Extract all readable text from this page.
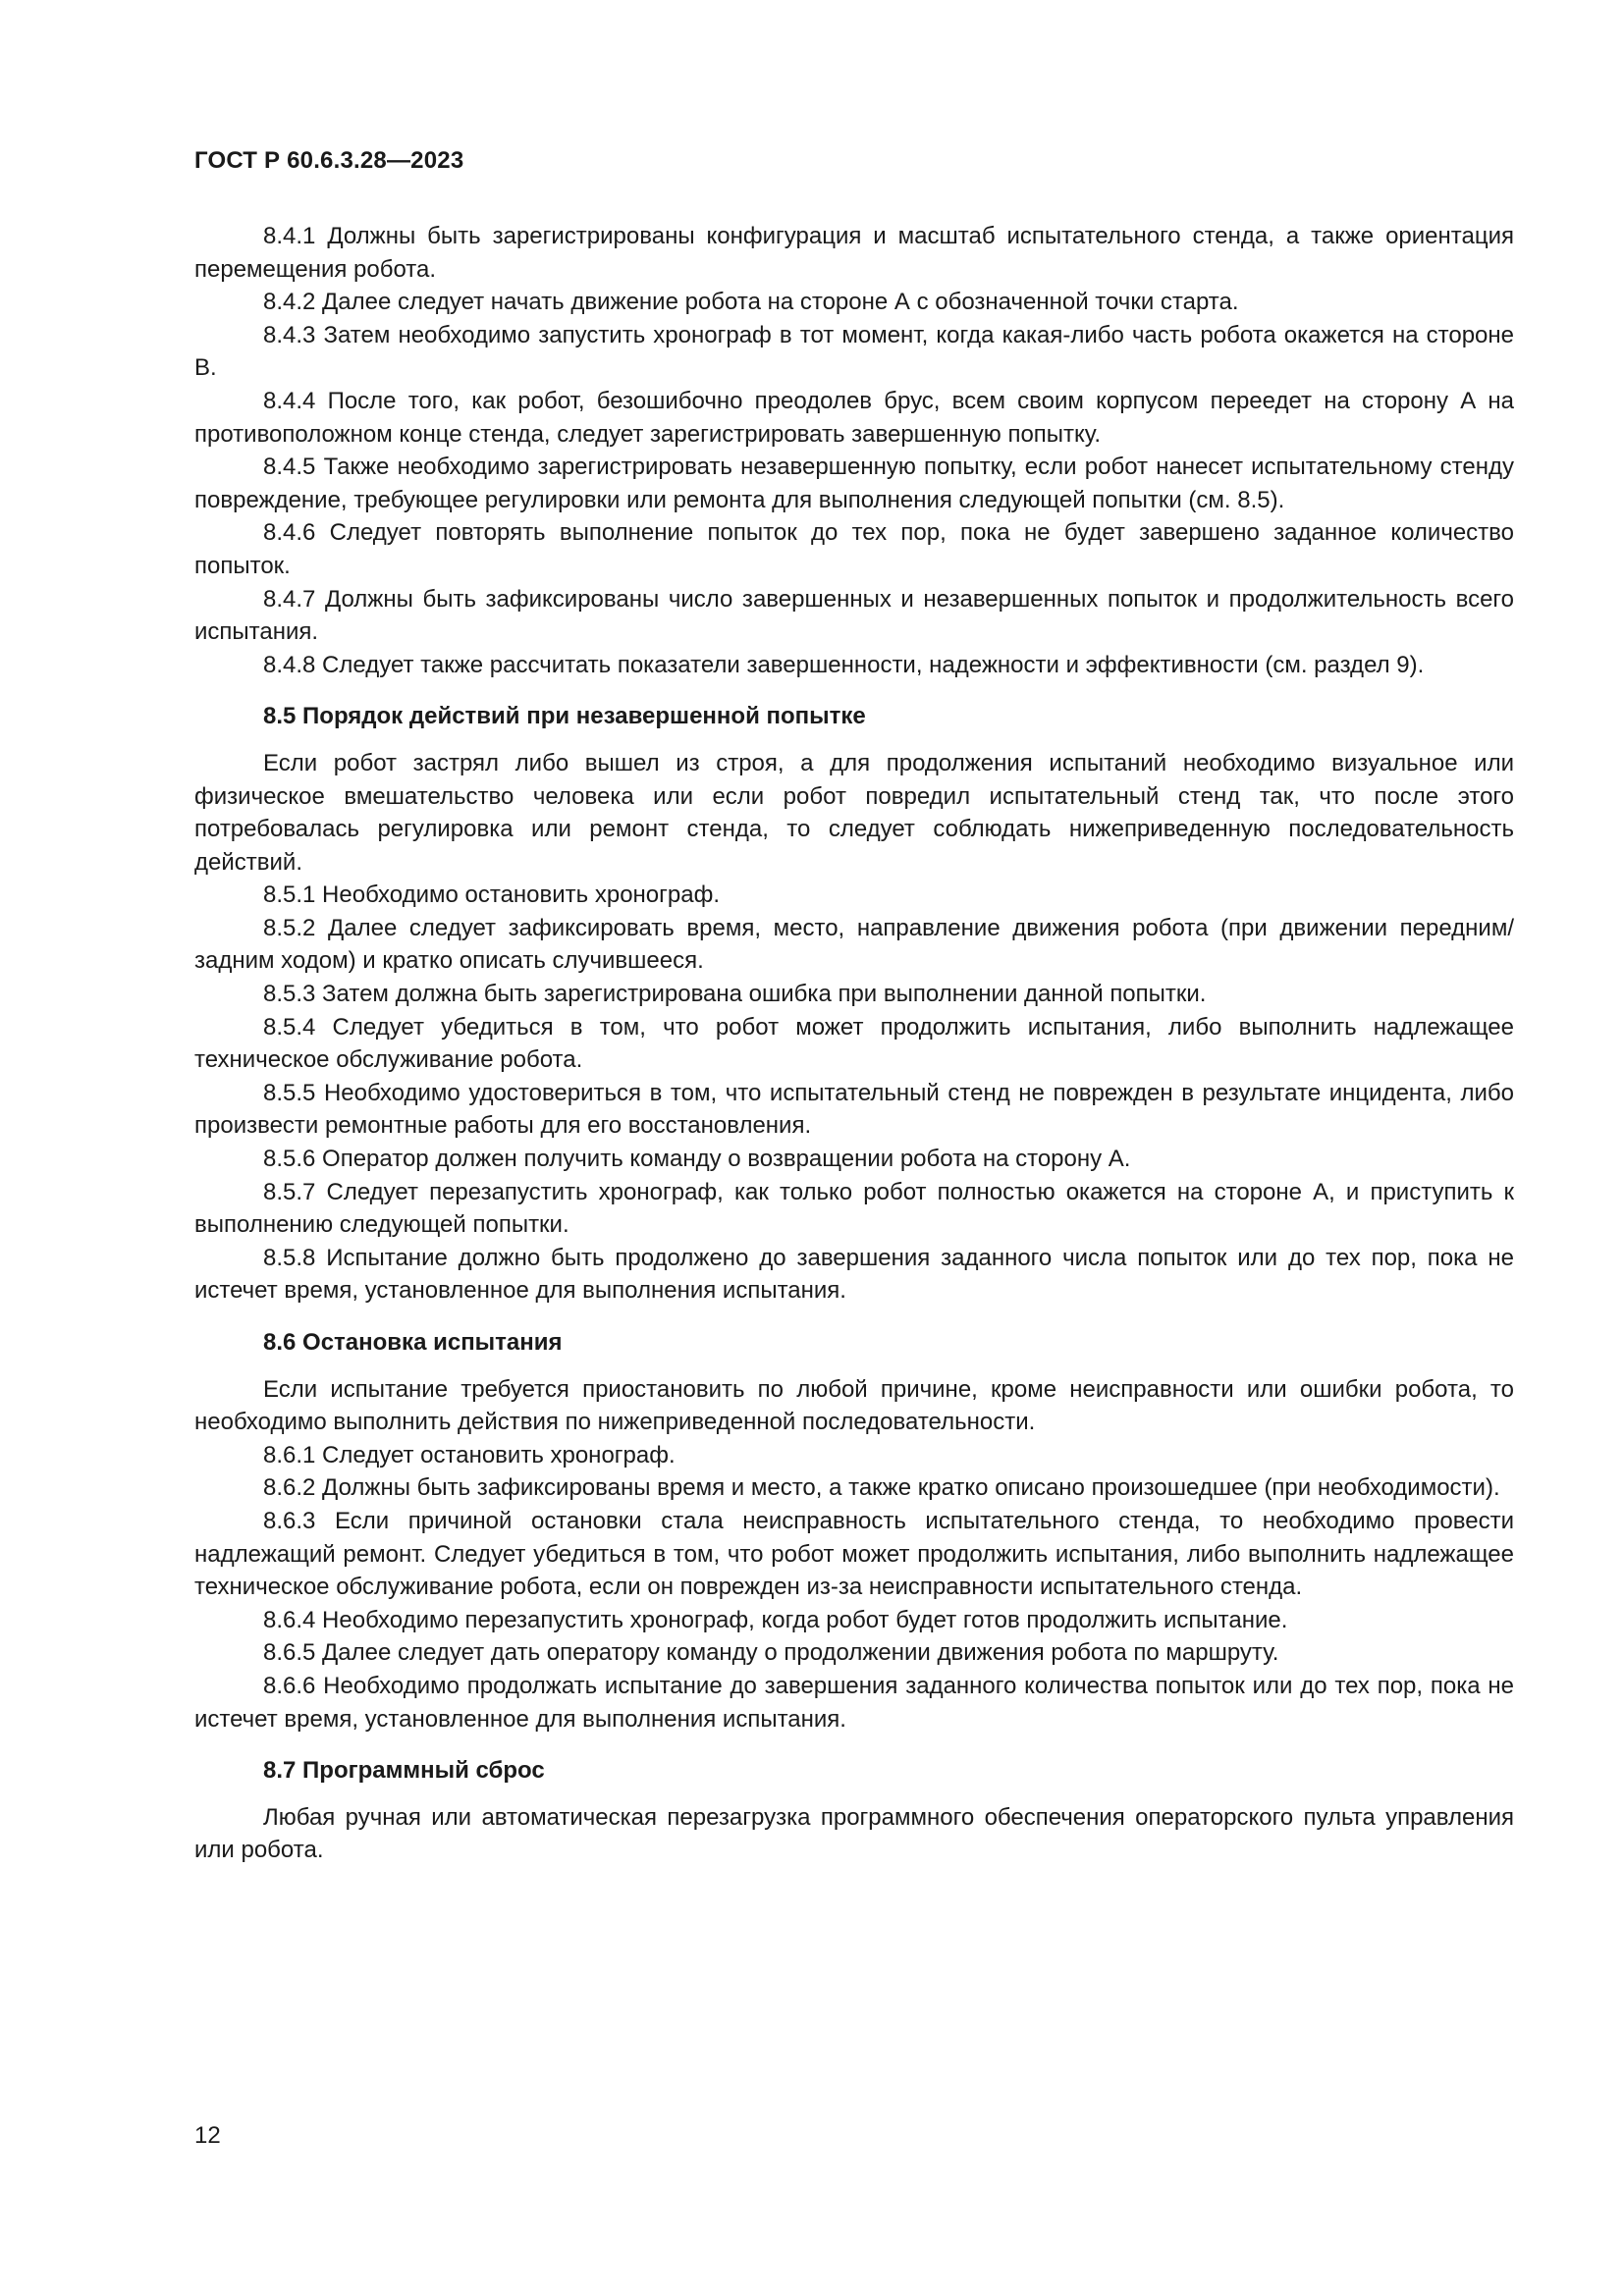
ГОСТ Р 60.6.3.28—2023

8.4.1 Должны быть зарегистрированы конфигурация и масштаб испытательного стенда, а также ориентация перемещения робота.

8.4.2 Далее следует начать движение робота на стороне А с обозначенной точки старта.

8.4.3 Затем необходимо запустить хронограф в тот момент, когда какая-либо часть робота окажется на стороне В.

8.4.4 После того, как робот, безошибочно преодолев брус, всем своим корпусом переедет на сторону А на противоположном конце стенда, следует зарегистрировать завершенную попытку.

8.4.5 Также необходимо зарегистрировать незавершенную попытку, если робот нанесет испытательному стенду повреждение, требующее регулировки или ремонта для выполнения следующей попытки (см. 8.5).

8.4.6 Следует повторять выполнение попыток до тех пор, пока не будет завершено заданное количество попыток.

8.4.7 Должны быть зафиксированы число завершенных и незавершенных попыток и продолжительность всего испытания.

8.4.8 Следует также рассчитать показатели завершенности, надежности и эффективности (см. раздел 9).

8.5 Порядок действий при незавершенной попытке

Если робот застрял либо вышел из строя, а для продолжения испытаний необходимо визуальное или физическое вмешательство человека или если робот повредил испытательный стенд так, что после этого потребовалась регулировка или ремонт стенда, то следует соблюдать нижеприведенную последовательность действий.

8.5.1 Необходимо остановить хронограф.

8.5.2 Далее следует зафиксировать время, место, направление движения робота (при движении передним/задним ходом) и кратко описать случившееся.

8.5.3 Затем должна быть зарегистрирована ошибка при выполнении данной попытки.

8.5.4 Следует убедиться в том, что робот может продолжить испытания, либо выполнить надлежащее техническое обслуживание робота.

8.5.5 Необходимо удостовериться в том, что испытательный стенд не поврежден в результате инцидента, либо произвести ремонтные работы для его восстановления.

8.5.6 Оператор должен получить команду о возвращении робота на сторону А.

8.5.7 Следует перезапустить хронограф, как только робот полностью окажется на стороне А, и приступить к выполнению следующей попытки.

8.5.8 Испытание должно быть продолжено до завершения заданного числа попыток или до тех пор, пока не истечет время, установленное для выполнения испытания.

8.6 Остановка испытания

Если испытание требуется приостановить по любой причине, кроме неисправности или ошибки робота, то необходимо выполнить действия по нижеприведенной последовательности.

8.6.1 Следует остановить хронограф.

8.6.2 Должны быть зафиксированы время и место, а также кратко описано произошедшее (при необходимости).

8.6.3 Если причиной остановки стала неисправность испытательного стенда, то необходимо провести надлежащий ремонт. Следует убедиться в том, что робот может продолжить испытания, либо выполнить надлежащее техническое обслуживание робота, если он поврежден из-за неисправности испытательного стенда.

8.6.4 Необходимо перезапустить хронограф, когда робот будет готов продолжить испытание.

8.6.5 Далее следует дать оператору команду о продолжении движения робота по маршруту.

8.6.6 Необходимо продолжать испытание до завершения заданного количества попыток или до тех пор, пока не истечет время, установленное для выполнения испытания.

8.7 Программный сброс

Любая ручная или автоматическая перезагрузка программного обеспечения операторского пульта управления или робота.

12
